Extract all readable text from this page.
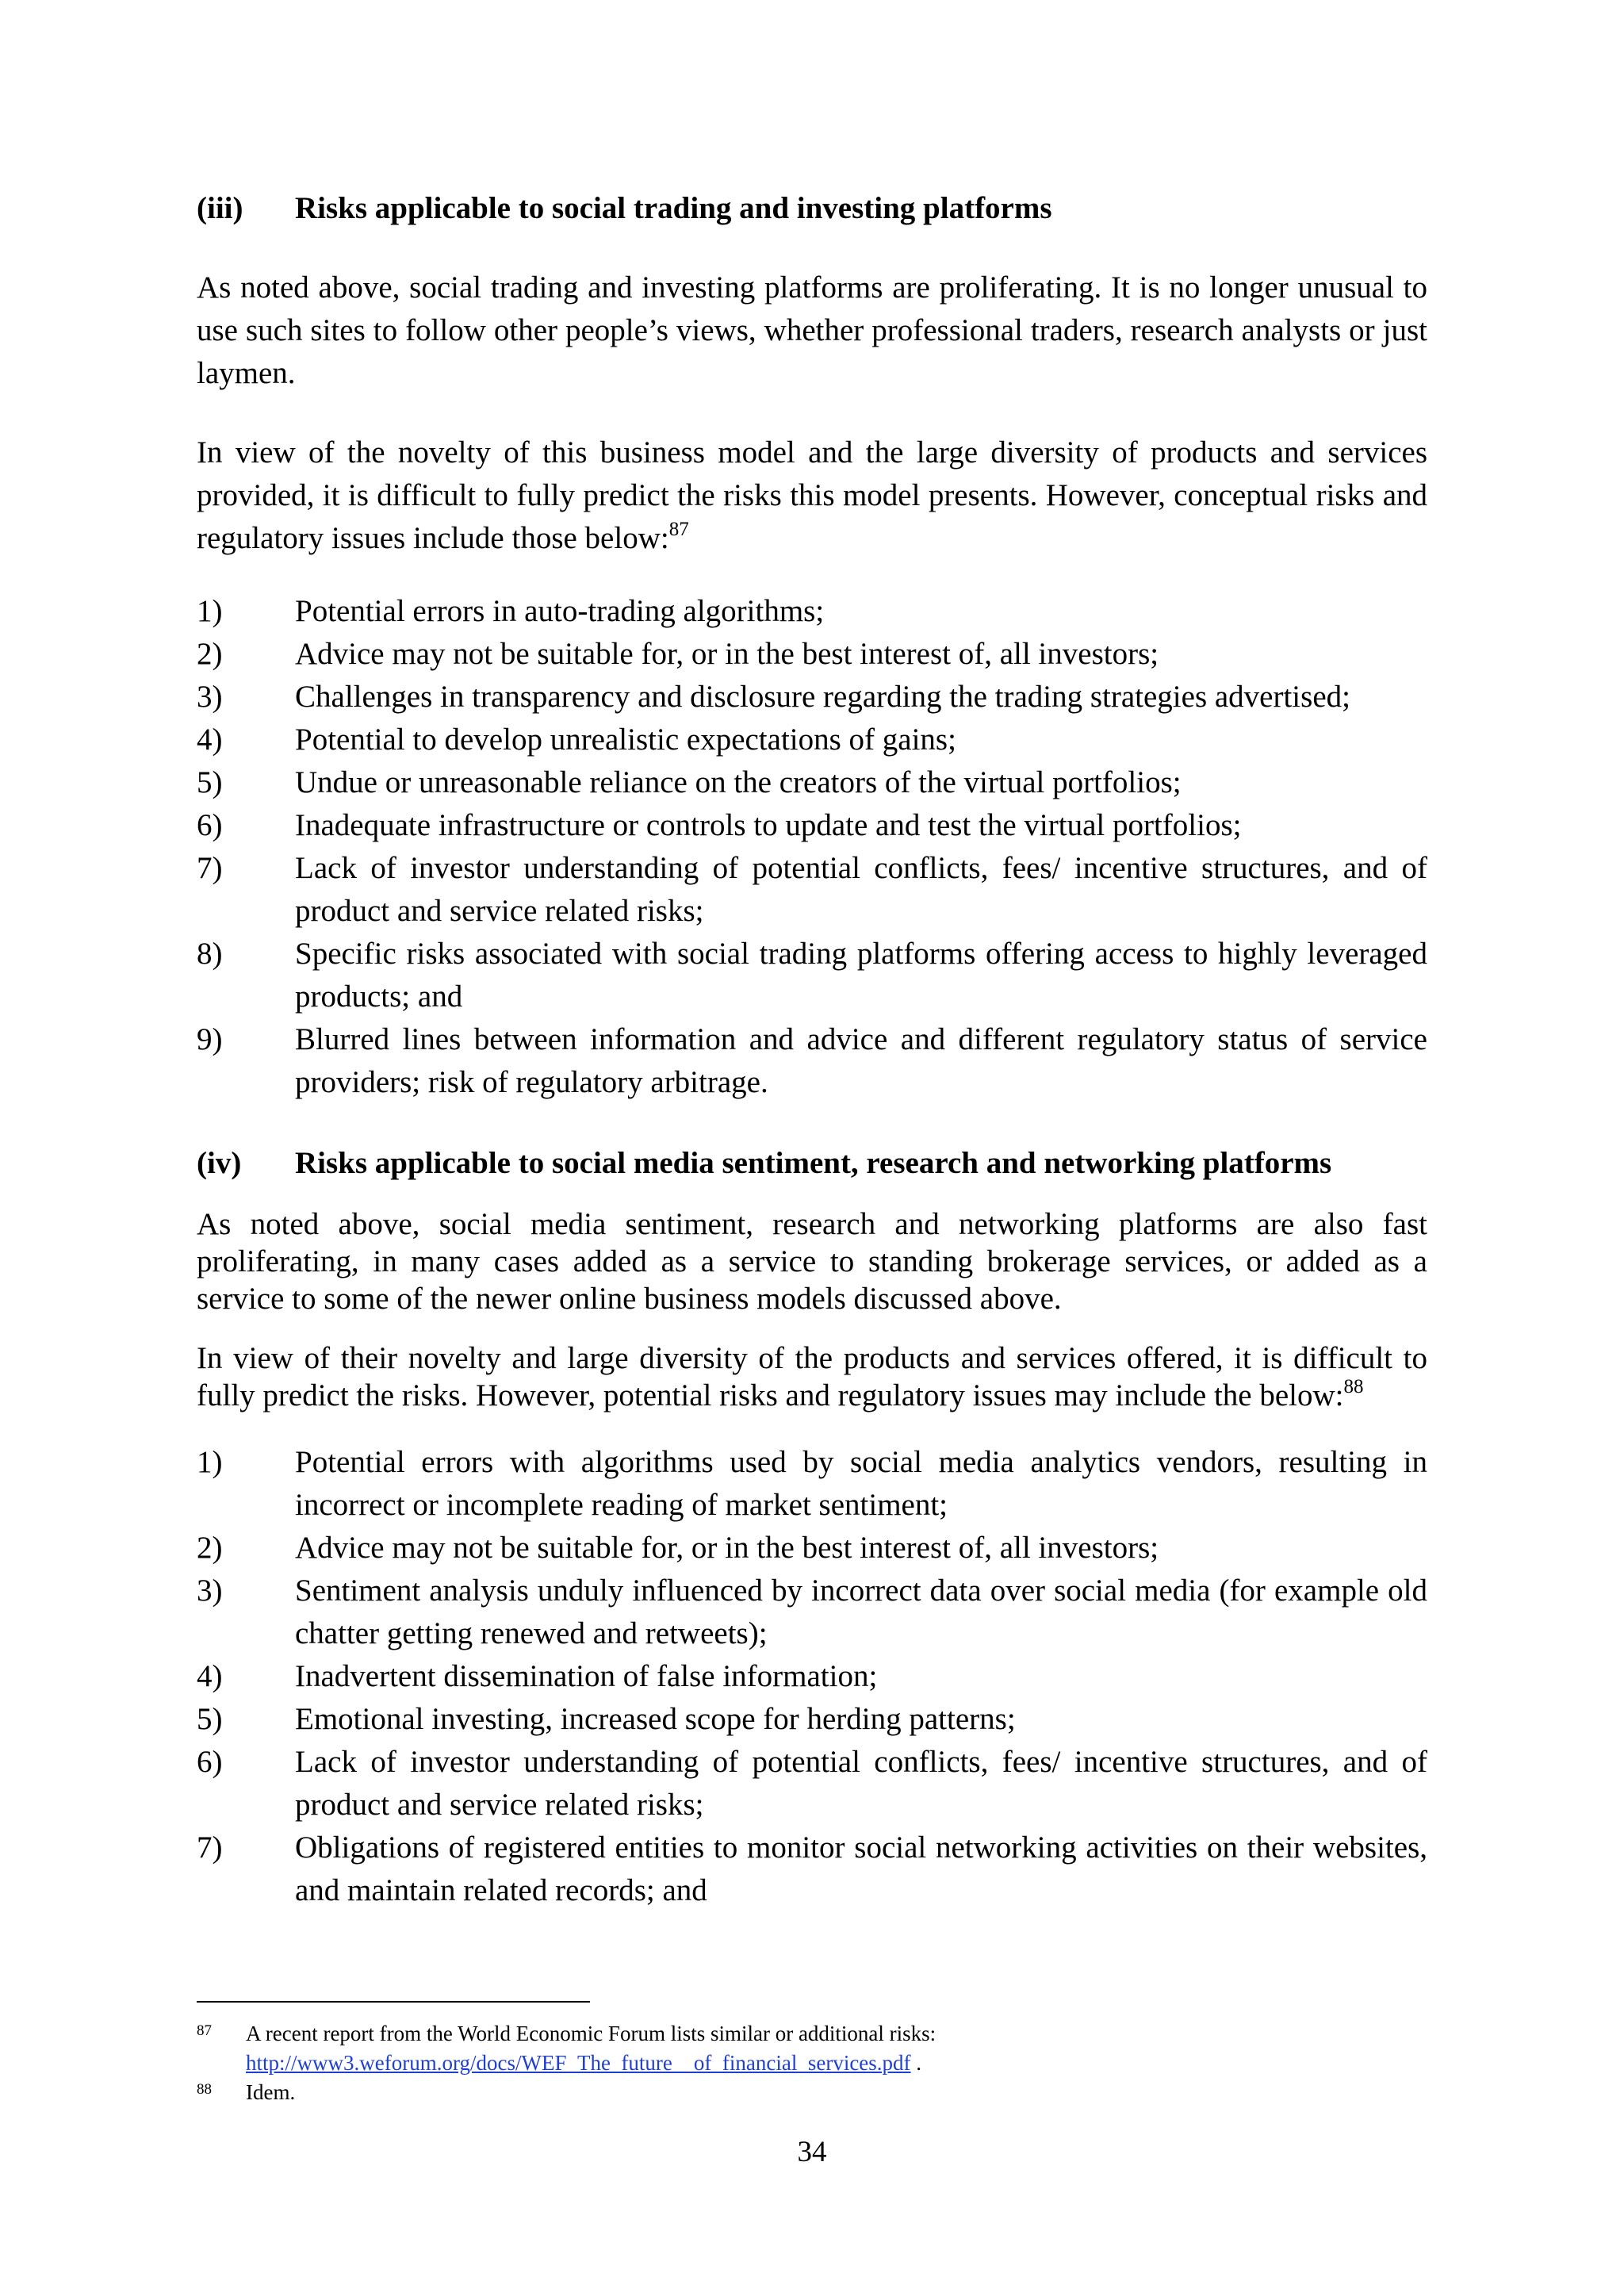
(iii)	Risks applicable to social trading and investing platforms

As noted above, social trading and investing platforms are proliferating. It is no longer unusual to use such sites to follow other people’s views, whether professional traders, research analysts or just laymen.

In view of the novelty of this business model and the large diversity of products and services provided, it is difficult to fully predict the risks this model presents. However, conceptual risks and regulatory issues include those below:$^{87}$

1)	Potential errors in auto-trading algorithms;
2)	Advice may not be suitable for, or in the best interest of, all investors;
3)	Challenges in transparency and disclosure regarding the trading strategies advertised;
4)	Potential to develop unrealistic expectations of gains;
5)	Undue or unreasonable reliance on the creators of the virtual portfolios;
6)	Inadequate infrastructure or controls to update and test the virtual portfolios;
7)	Lack of investor understanding of potential conflicts, fees/ incentive structures, and of product and service related risks;
8)	Specific risks associated with social trading platforms offering access to highly leveraged products; and
9)	Blurred lines between information and advice and different regulatory status of service providers; risk of regulatory arbitrage.
(iv)	Risks applicable to social media sentiment, research and networking platforms

As noted above, social media sentiment, research and networking platforms are also fast proliferating, in many cases added as a service to standing brokerage services, or added as a service to some of the newer online business models discussed above.

In view of their novelty and large diversity of the products and services offered, it is difficult to fully predict the risks. However, potential risks and regulatory issues may include the below:$^{88}$

1)	Potential errors with algorithms used by social media analytics vendors, resulting in incorrect or incomplete reading of market sentiment;
2)	Advice may not be suitable for, or in the best interest of, all investors;
3)	Sentiment analysis unduly influenced by incorrect data over social media (for example old chatter getting renewed and retweets);
4)	Inadvertent dissemination of false information;
5)	Emotional investing, increased scope for herding patterns;
6)	Lack of investor understanding of potential conflicts, fees/ incentive structures, and of product and service related risks;
7)	Obligations of registered entities to monitor social networking activities on their websites, and maintain related records; and
87	A recent report from the World Economic Forum lists similar or additional risks:
http://www3.weforum.org/docs/WEF_The_future__of_financial_services.pdf .
88	Idem.
34
